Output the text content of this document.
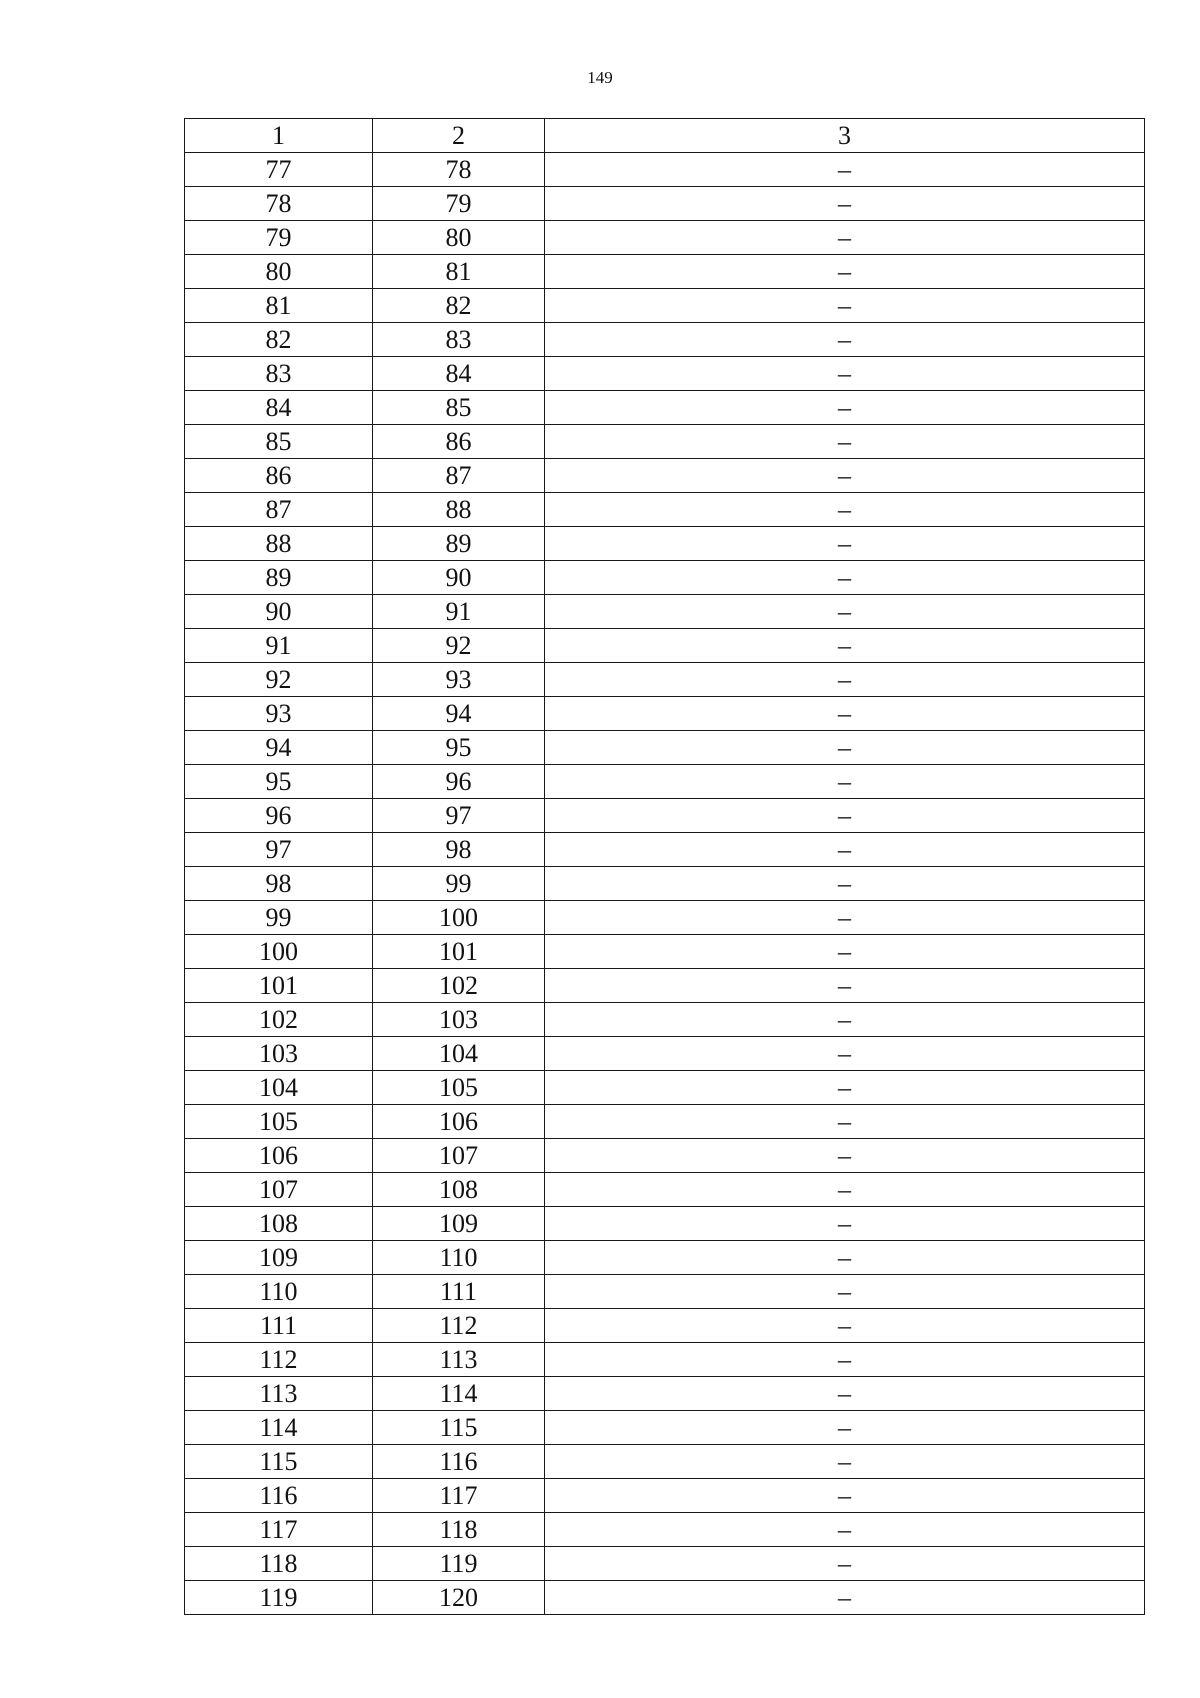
149
1	2	3
77	78	–
78	79	–
79	80	–
80	81	–
81	82	–
82	83	–
83	84	–
84	85	–
85	86	–
86	87	–
87	88	–
88	89	–
89	90	–
90	91	–
91	92	–
92	93	–
93	94	–
94	95	–
95	96	–
96	97	–
97	98	–
98	99	–
99	100	–
100	101	–
101	102	–
102	103	–
103	104	–
104	105	–
105	106	–
106	107	–
107	108	–
108	109	–
109	110	–
110	111	–
111	112	–
112	113	–
113	114	–
114	115	–
115	116	–
116	117	–
117	118	–
118	119	–
119	120	–
